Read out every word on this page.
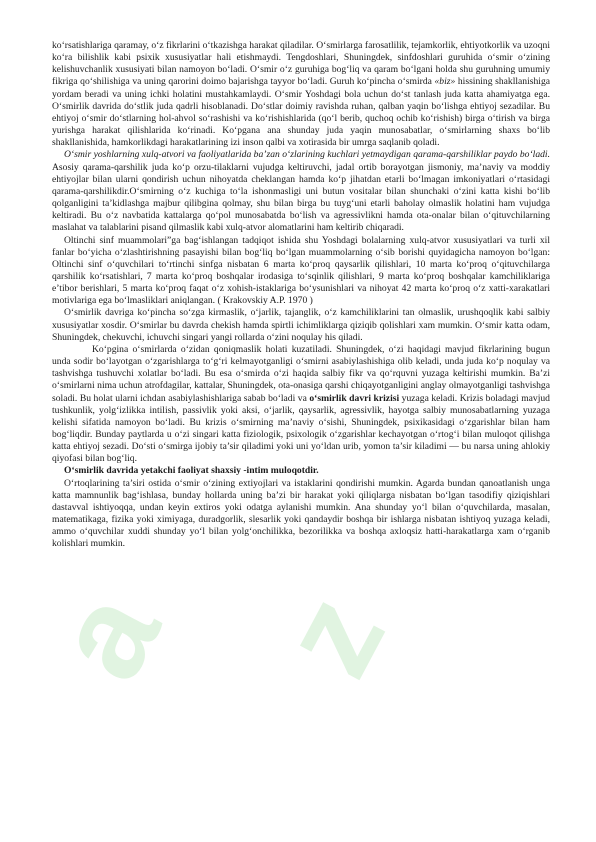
a z

ko‘rsatishlariga qaramay, o‘z fikrlarini o‘tkazishga harakat qiladilar. O‘smirlarga farosatlilik, tejamkorlik, ehtiyotkorlik va uzoqni ko‘ra bilishlik kabi psixik xususiyatlar hali etishmaydi. Tengdoshlari, Shuningdek, sinfdoshlari guruhida o‘smir o‘zining kelishuvchanlik xususiyati bilan namoyon bo‘ladi. O‘smir o‘z guruhiga bog‘liq va qaram bo‘lgani holda shu guruhning umumiy fikriga qo‘shilishiga va uning qarorini doimo bajarishga tayyor bo‘ladi. Guruh ko‘pincha o‘smirda «biz» hissining shakllanishiga yordam beradi va uning ichki holatini mustahkamlaydi. O‘smir Yoshdagi bola uchun do‘st tanlash juda katta ahamiyatga ega. O‘smirlik davrida do‘stlik juda qadrli hisoblanadi. Do‘stlar doimiy ravishda ruhan, qalban yaqin bo‘lishga ehtiyoj sezadilar. Bu ehtiyoj o‘smir do‘stlarning hol-ahvol so‘rashishi va ko‘rishishlarida (qo‘l berib, quchoq ochib ko‘rishish) birga o‘tirish va birga yurishga harakat qilishlarida ko‘rinadi. Ko‘pgana ana shunday juda yaqin munosabatlar, o‘smirlarning shaxs bo‘lib shakllanishida, hamkorlikdagi harakatlarining izi inson qalbi va xotirasida bir umrga saqlanib qoladi.

O‘smir yoshlarning xulq-atvori va faoliyatlarida ba’zan o‘zlarining kuchlari yetmaydigan qarama-qarshiliklar paydo bo‘ladi. Asosiy qarama-qarshilik juda ko‘p orzu-tilaklarni vujudga keltiruvchi, jadal ortib borayotgan jismoniy, ma’naviy va moddiy ehtiyojlar bilan ularni qondirish uchun nihoyatda cheklangan hamda ko‘p jihatdan etarli bo‘lmagan imkoniyatlari o‘rtasidagi qarama-qarshilikdir.O‘smirning o‘z kuchiga to‘la ishonmasligi uni butun vositalar bilan shunchaki o‘zini katta kishi bo‘lib qolganligini ta’kidlashga majbur qilibgina qolmay, shu bilan birga bu tuyg‘uni etarli baholay olmaslik holatini ham vujudga keltiradi. Bu o‘z navbatida kattalarga qo‘pol munosabatda bo‘lish va agressivlikni hamda ota-onalar bilan o‘qituvchilarning maslahat va talablarini pisand qilmaslik kabi xulq-atvor alomatlarini ham keltirib chiqaradi.

Oltinchi sinf muammolari”ga bag‘ishlangan tadqiqot ishida shu Yoshdagi bolalarning xulq-atvor xususiyatlari va turli xil fanlar bo‘yicha o‘zlashtirishning pasayishi bilan bog‘liq bo‘lgan muammolarning o‘sib borishi quyidagicha namoyon bo‘lgan: Oltinchi sinf o‘quvchilari to‘rtinchi sinfga nisbatan 6 marta ko‘proq qaysarlik qilishlari, 10 marta ko‘proq o‘qituvchilarga qarshilik ko‘rsatishlari, 7 marta ko‘proq boshqalar irodasiga to‘sqinlik qilishlari, 9 marta ko‘proq boshqalar kamchiliklariga e’tibor berishlari, 5 marta ko‘proq faqat o‘z xohish-istaklariga bo‘ysunishlari va nihoyat 42 marta ko‘proq o‘z xatti-xarakatlari motivlariga ega bo‘lmasliklari aniqlangan. ( Krakovskiy A.P. 1970 )

O‘smirlik davriga ko‘pincha so‘zga kirmaslik, o‘jarlik, tajanglik, o‘z kamchiliklarini tan olmaslik, urushqoqlik kabi salbiy xususiyatlar xosdir. O‘smirlar bu davrda chekish hamda spirtli ichimliklarga qiziqib qolishlari xam mumkin. O‘smir katta odam, Shuningdek, chekuvchi, ichuvchi singari yangi rollarda o‘zini noqulay his qiladi.

Ko‘pgina o‘smirlarda o‘zidan qoniqmaslik holati kuzatiladi. Shuningdek, o‘zi haqidagi mavjud fikrlarining bugun unda sodir bo‘layotgan o‘zgarishlarga to‘g‘ri kelmayotganligi o‘smirni asabiylashishiga olib keladi, unda juda ko‘p noqulay va tashvishga tushuvchi xolatlar bo‘ladi. Bu esa o‘smirda o‘zi haqida salbiy fikr va qo‘rquvni yuzaga keltirishi mumkin. Ba’zi o‘smirlarni nima uchun atrofdagilar, kattalar, Shuningdek, ota-onasiga qarshi chiqayotganligini anglay olmayotganligi tashvishga soladi. Bu holat ularni ichdan asabiylashishlariga sabab bo‘ladi va o‘smirlik davri krizisi yuzaga keladi. Krizis boladagi mavjud tushkunlik, yolg‘izlikka intilish, passivlik yoki aksi, o‘jarlik, qaysarlik, agressivlik, hayotga salbiy munosabatlarning yuzaga kelishi sifatida namoyon bo‘ladi. Bu krizis o‘smirning ma’naviy o‘sishi, Shuningdek, psixikasidagi o‘zgarishlar bilan ham bog‘liqdir. Bunday paytlarda u o‘zi singari katta fiziologik, psixologik o‘zgarishlar kechayotgan o‘rtog‘i bilan muloqot qilishga katta ehtiyoj sezadi. Do‘sti o‘smirga ijobiy ta’sir qiladimi yoki uni yo‘ldan urib, yomon ta’sir kiladimi — bu narsa uning ahlokiy qiyofasi bilan bog‘liq.

O‘smirlik davrida yetakchi faoliyat shaxsiy -intim muloqotdir.

O‘rtoqlarining ta’siri ostida o‘smir o‘zining extiyojlari va istaklarini qondirishi mumkin. Agarda bundan qanoatlanish unga katta mamnunlik bag‘ishlasa, bunday hollarda uning ba’zi bir harakat yoki qiliqlarga nisbatan bo‘lgan tasodifiy qiziqishlari dastavval ishtiyoqqa, undan keyin extiros yoki odatga aylanishi mumkin. Ana shunday yo‘l bilan o‘quvchilarda, masalan, matematikaga, fizika yoki ximiyaga, duradgorlik, slesarlik yoki qandaydir boshqa bir ishlarga nisbatan ishtiyoq yuzaga keladi, ammo o‘quvchilar xuddi shunday yo‘l bilan yolg‘onchilikka, bezorilikka va boshqa axloqsiz hatti-harakatlarga xam o‘rganib kolishlari mumkin.
